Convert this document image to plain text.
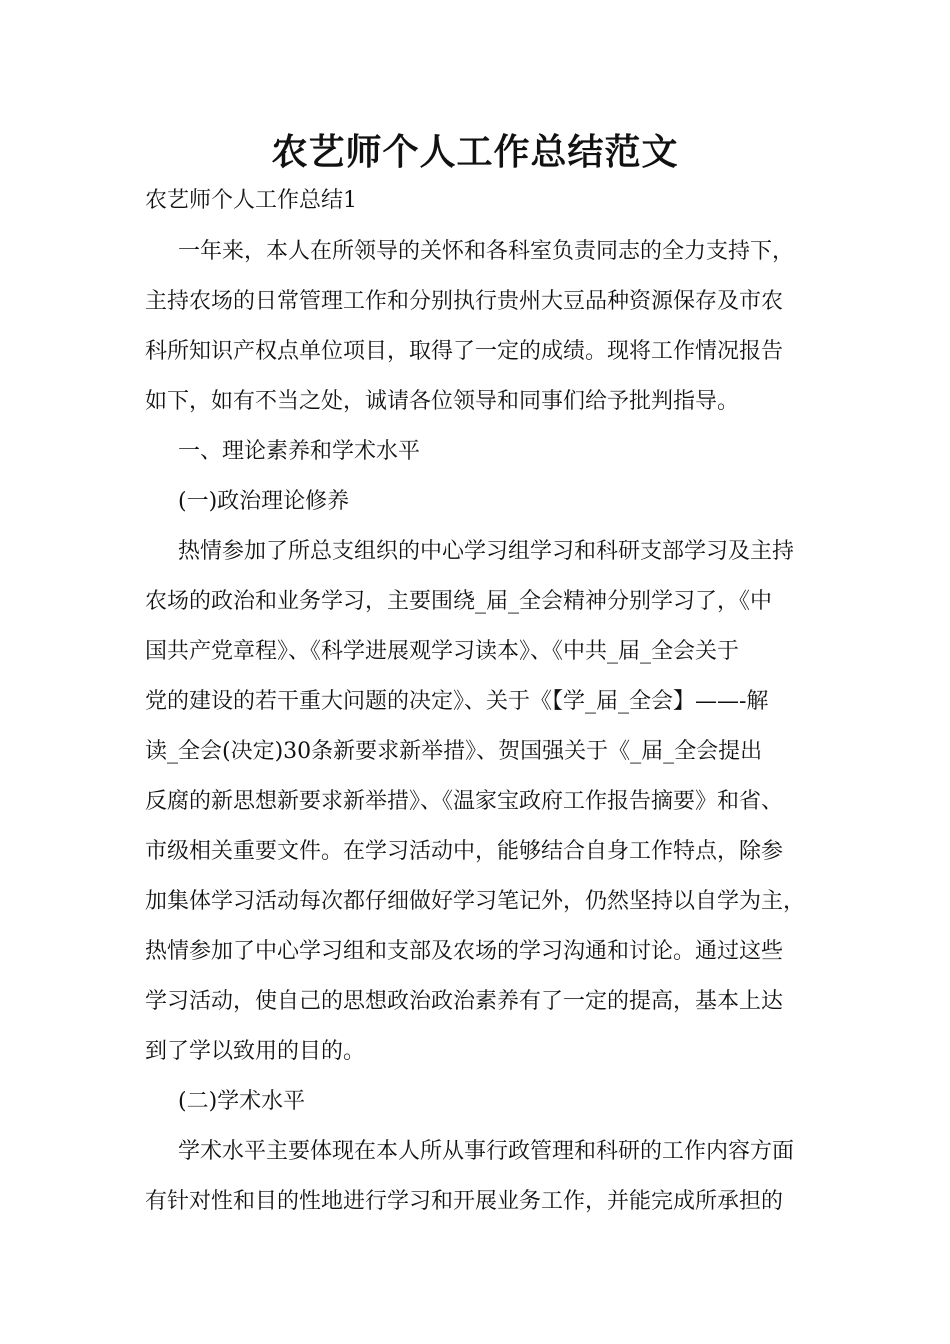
农艺师个人工作总结范文
农艺师个人工作总结1
一年来，本人在所领导的关怀和各科室负责同志的全力支持下，
主持农场的日常管理工作和分别执行贵州大豆品种资源保存及市农
科所知识产权点单位项目，取得了一定的成绩。现将工作情况报告
如下，如有不当之处，诚请各位领导和同事们给予批判指导。
一、理论素养和学术水平
(一)政治理论修养
热情参加了所总支组织的中心学习组学习和科研支部学习及主持
农场的政治和业务学习，主要围绕_届_全会精神分别学习了，《中
国共产党章程》、《科学进展观学习读本》、《中共_届_全会关于
党的建设的若干重大问题的决定》、关于《【学_届_全会】——-解
读_全会(决定)30条新要求新举措》、贺国强关于《_届_全会提出
反腐的新思想新要求新举措》、《温家宝政府工作报告摘要》和省、
市级相关重要文件。在学习活动中，能够结合自身工作特点，除参
加集体学习活动每次都仔细做好学习笔记外，仍然坚持以自学为主，
热情参加了中心学习组和支部及农场的学习沟通和讨论。通过这些
学习活动，使自己的思想政治政治素养有了一定的提高，基本上达
到了学以致用的目的。
(二)学术水平
学术水平主要体现在本人所从事行政管理和科研的工作内容方面
有针对性和目的性地进行学习和开展业务工作，并能完成所承担的
